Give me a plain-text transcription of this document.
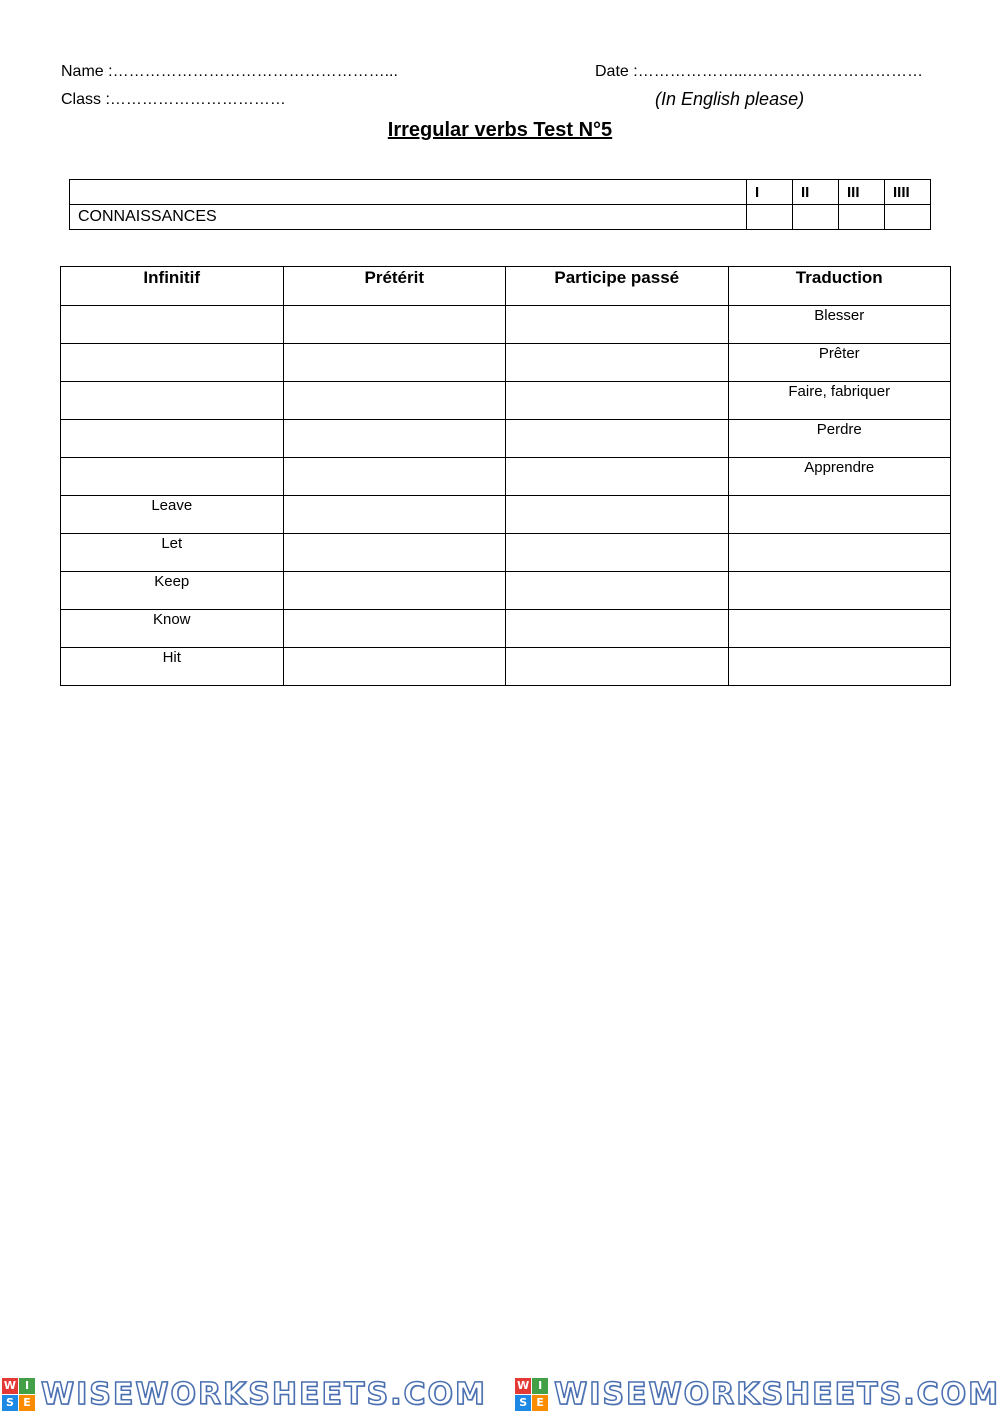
Name :……………………………………………...	Date :………………...……………………………
Class :……………………………	(In English please)
Irregular verbs Test N°5
	I	II	III	IIII
CONNAISSANCES				
Infinitif	Prétérit	Participe passé	Traduction
			Blesser
			Prêter
			Faire, fabriquer
			Perdre
			Apprendre
Leave			
Let			
Keep			
Know			
Hit			
W I
S E WISEWORKSHEETS.COM	W I
S E WISEWORKSHEETS.COM
